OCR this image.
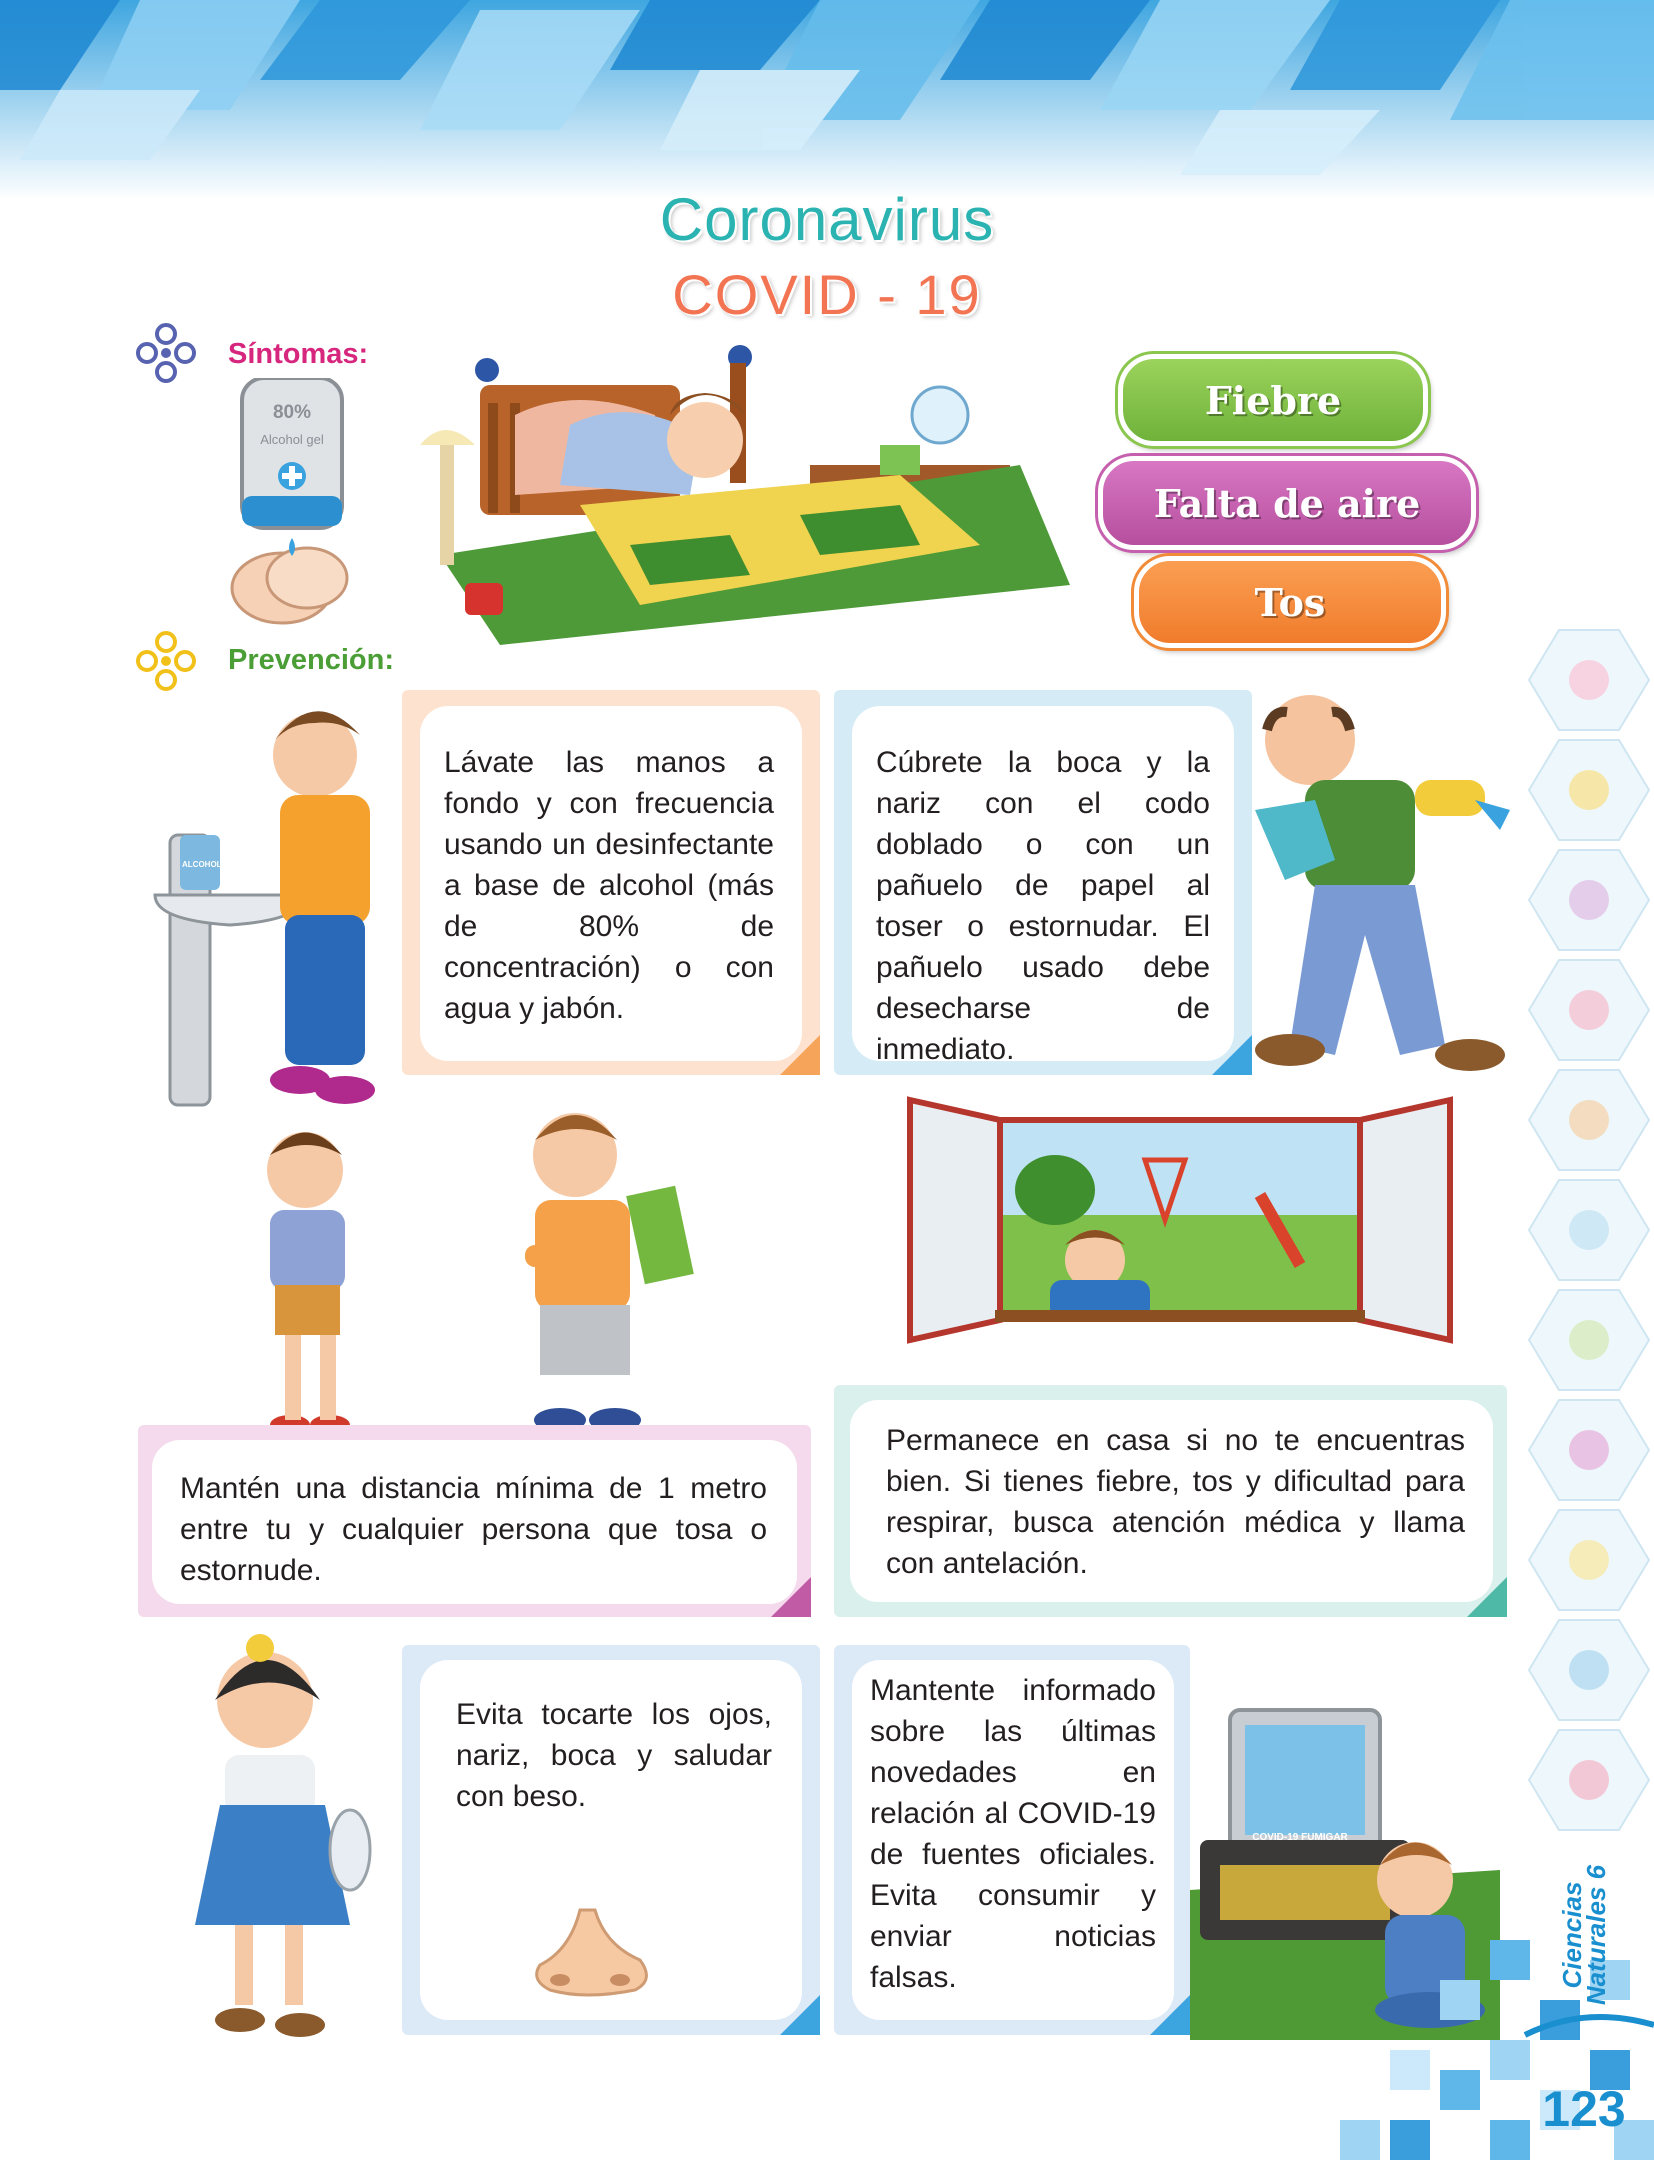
Coronavirus
COVID - 19
Síntomas:
80%
Alcohol gel
Fiebre
Falta de aire
Tos
Prevención:
ALCOHOL
Lávate las manos a fondo y con frecuencia usando un desinfectante a base de alcohol (más de 80% de concentración) o con agua y jabón.
Cúbrete la boca y la nariz con el codo doblado o con un pañuelo de papel al toser o estornudar. El pañuelo usado debe desecharse de inmediato.
Mantén una distancia mínima de 1 metro entre tu y cualquier persona que tosa o estornude.
Permanece en casa si no te encuentras bien. Si tienes fiebre, tos y dificultad para respirar, busca atención médica y llama con antelación.
Evita tocarte los ojos, nariz, boca y saludar con beso.
Mantente informado sobre las últimas novedades en relación al COVID-19 de fuentes oficiales. Evita consumir y enviar noticias falsas.
COVID-19 FUMIGAR
Ciencias Naturales 6
123
